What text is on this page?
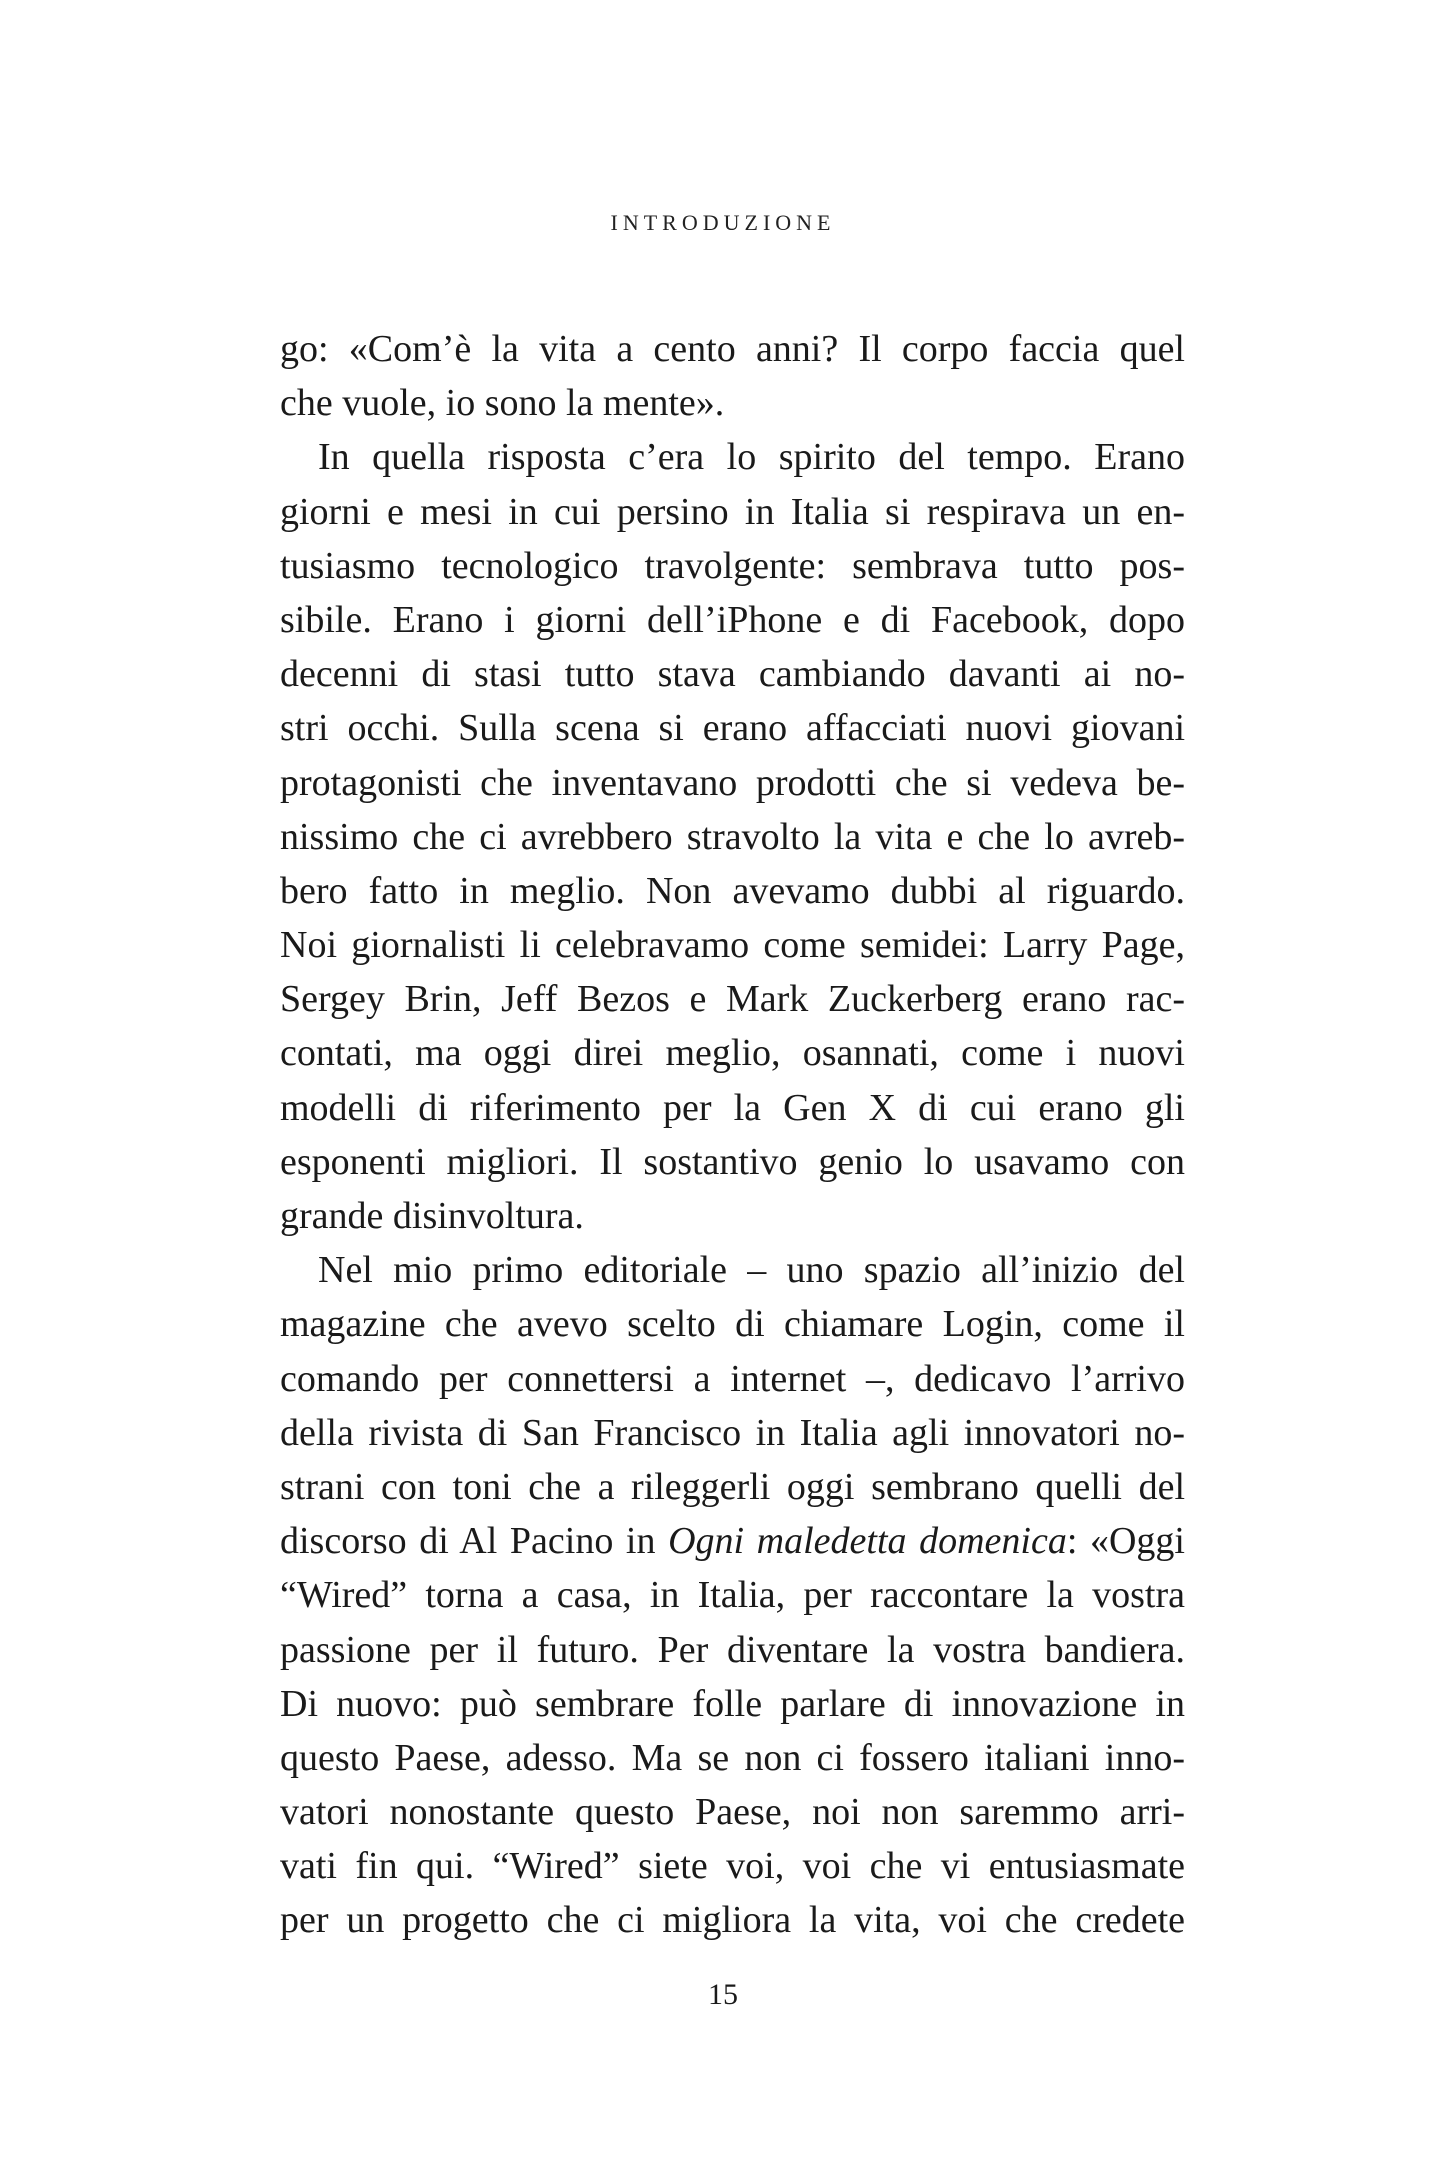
INTRODUZIONE
go: «Com’è la vita a cento anni? Il corpo faccia quel
che vuole, io sono la mente».
In quella risposta c’era lo spirito del tempo. Erano
giorni e mesi in cui persino in Italia si respirava un en-
tusiasmo tecnologico travolgente: sembrava tutto pos-
sibile. Erano i giorni dell’iPhone e di Facebook, dopo
decenni di stasi tutto stava cambiando davanti ai no-
stri occhi. Sulla scena si erano affacciati nuovi giovani
protagonisti che inventavano prodotti che si vedeva be-
nissimo che ci avrebbero stravolto la vita e che lo avreb-
bero fatto in meglio. Non avevamo dubbi al riguardo.
Noi giornalisti li celebravamo come semidei: Larry Page,
Sergey Brin, Jeff Bezos e Mark Zuckerberg erano rac-
contati, ma oggi direi meglio, osannati, come i nuovi
modelli di riferimento per la Gen X di cui erano gli
esponenti migliori. Il sostantivo genio lo usavamo con
grande disinvoltura.
Nel mio primo editoriale – uno spazio all’inizio del
magazine che avevo scelto di chiamare Login, come il
comando per connettersi a internet –, dedicavo l’arrivo
della rivista di San Francisco in Italia agli innovatori no-
strani con toni che a rileggerli oggi sembrano quelli del
discorso di Al Pacino in Ogni maledetta domenica: «Oggi
“Wired” torna a casa, in Italia, per raccontare la vostra
passione per il futuro. Per diventare la vostra bandiera.
Di nuovo: può sembrare folle parlare di innovazione in
questo Paese, adesso. Ma se non ci fossero italiani inno-
vatori nonostante questo Paese, noi non saremmo arri-
vati fin qui. “Wired” siete voi, voi che vi entusiasmate
per un progetto che ci migliora la vita, voi che credete
15
